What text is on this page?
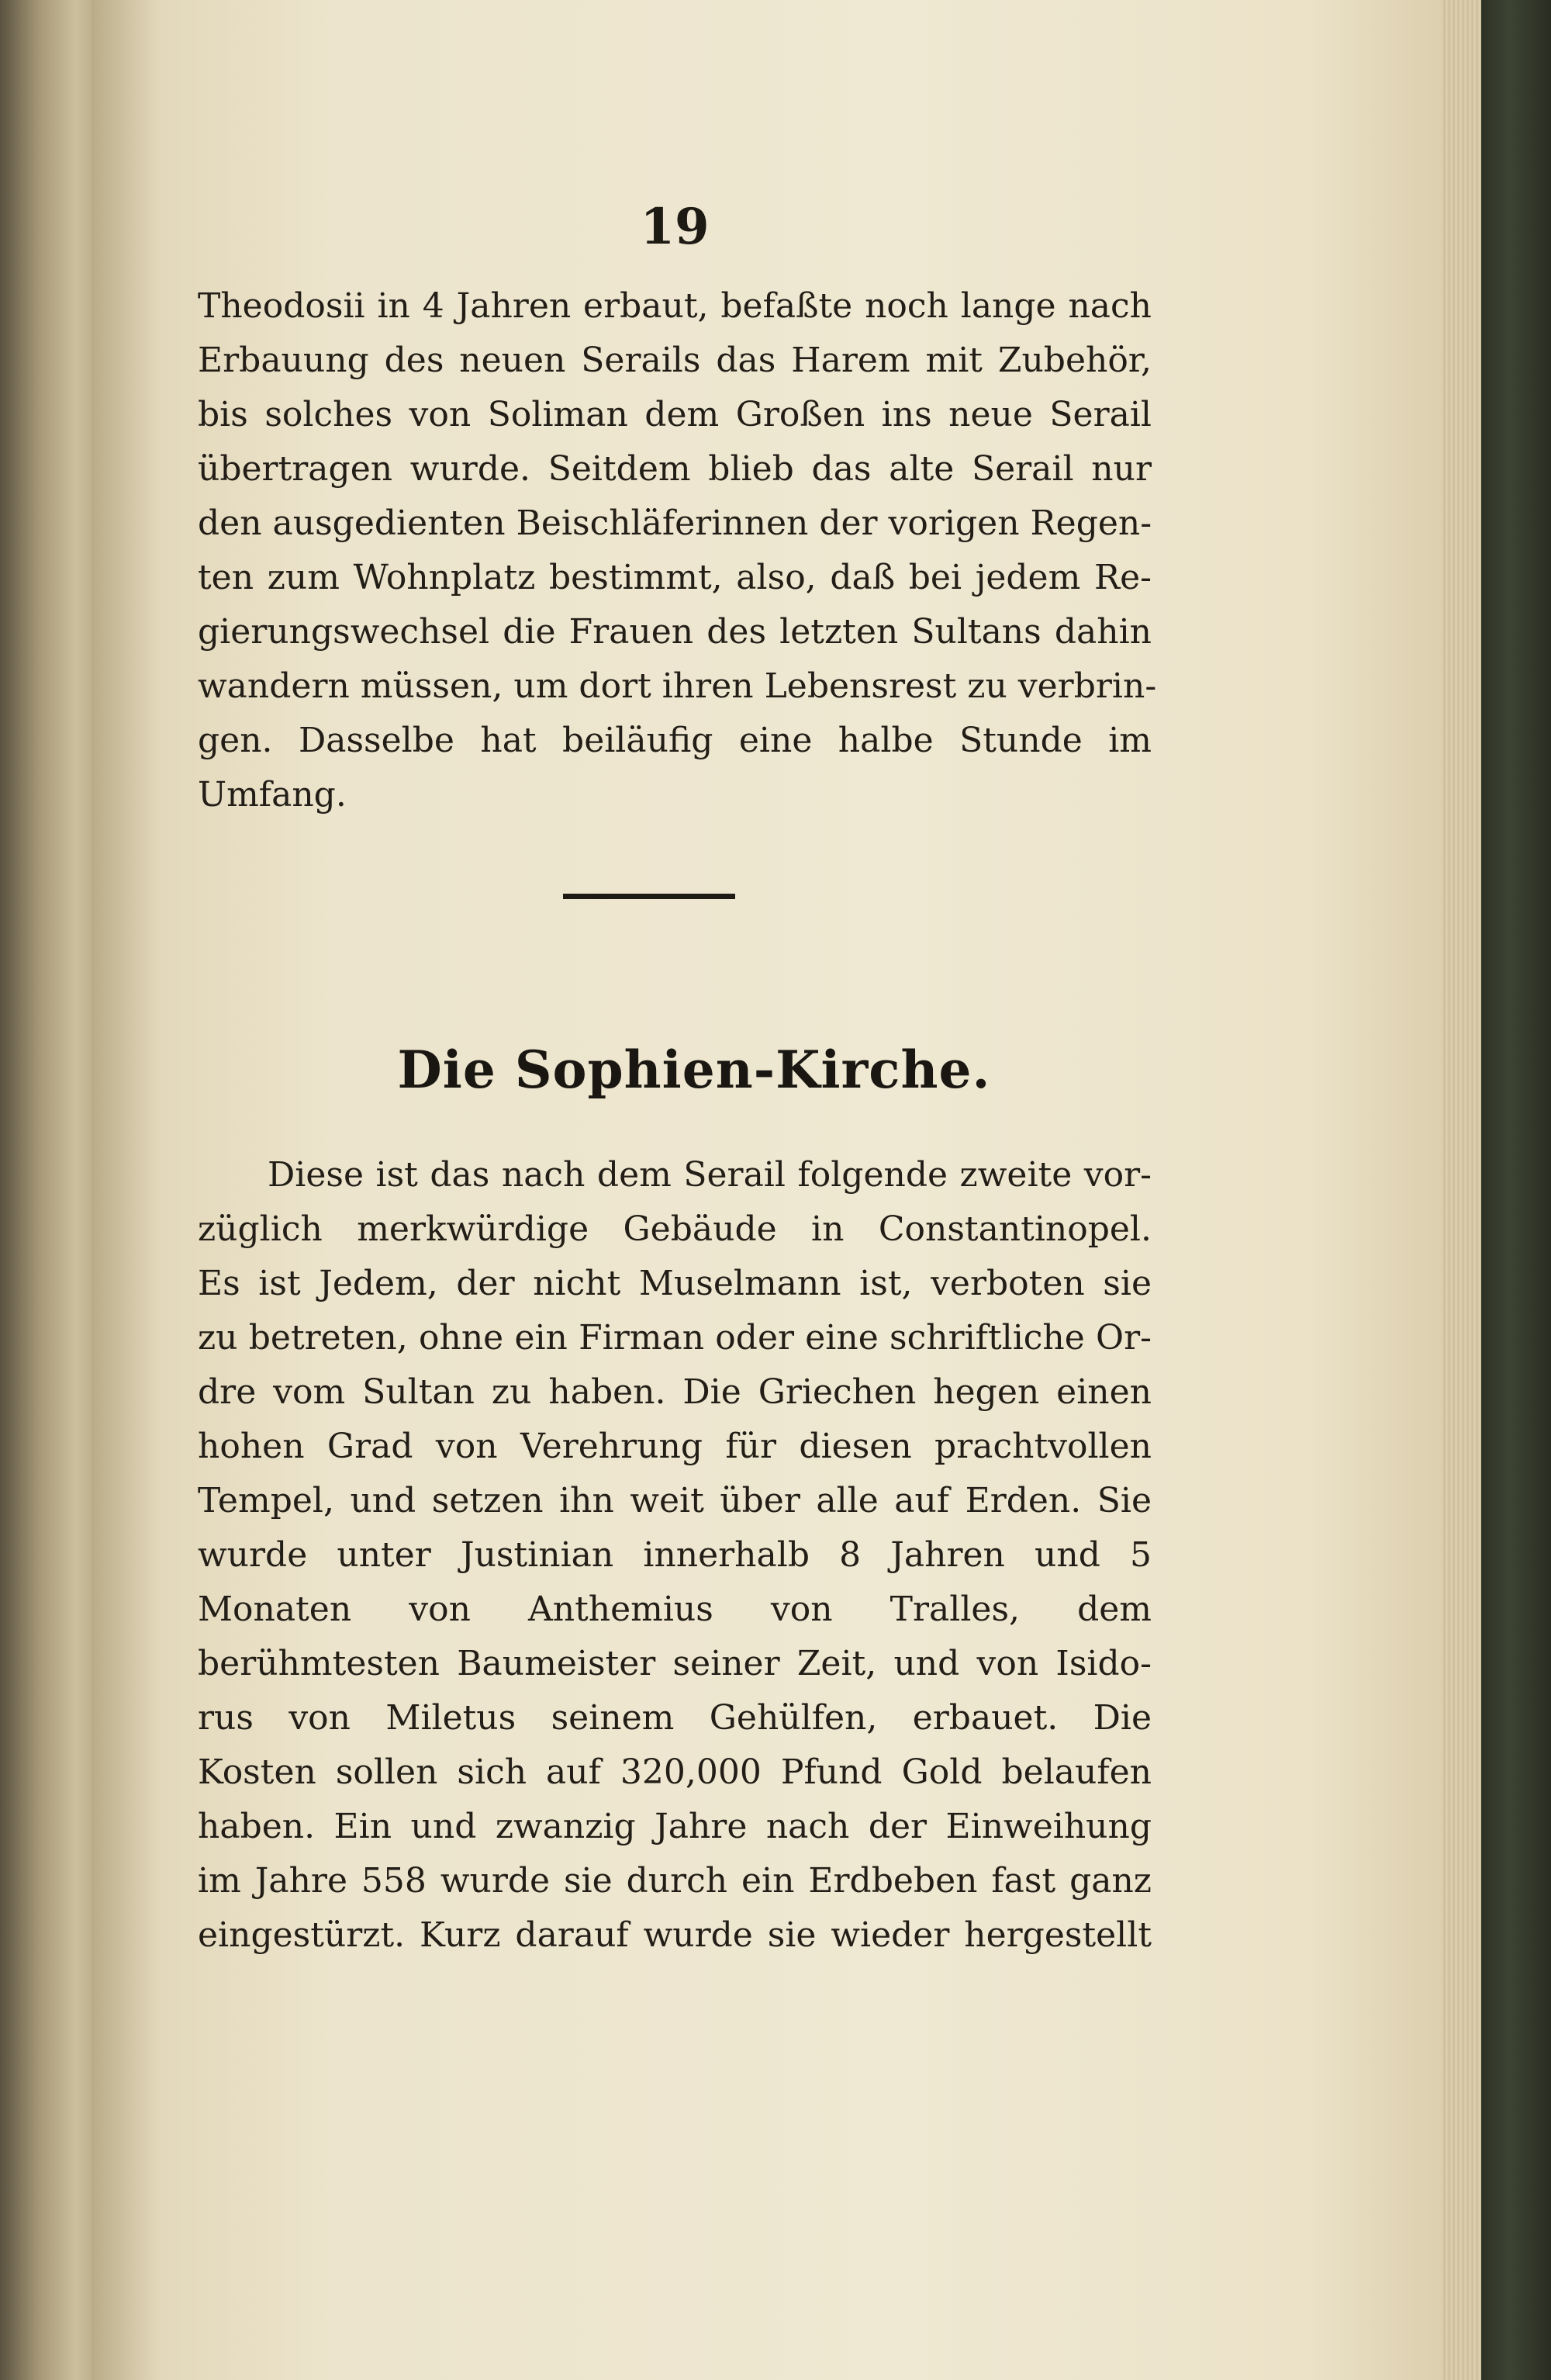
19
Theodosii in 4 Jahren erbaut, befaßte noch lange nach
Erbauung des neuen Serails das Harem mit Zubehör,
bis solches von Soliman dem Großen ins neue Serail
übertragen wurde. Seitdem blieb das alte Serail nur
den ausgedienten Beischläferinnen der vorigen Regen-
ten zum Wohnplatz bestimmt, also, daß bei jedem Re-
gierungswechsel die Frauen des letzten Sultans dahin
wandern müssen, um dort ihren Lebensrest zu verbrin-
gen. Dasselbe hat beiläufig eine halbe Stunde im
Umfang.
Die Sophien-Kirche.
Diese ist das nach dem Serail folgende zweite vor-
züglich merkwürdige Gebäude in Constantinopel.
Es ist Jedem, der nicht Muselmann ist, verboten sie
zu betreten, ohne ein Firman oder eine schriftliche Or-
dre vom Sultan zu haben. Die Griechen hegen einen
hohen Grad von Verehrung für diesen prachtvollen
Tempel, und setzen ihn weit über alle auf Erden. Sie
wurde unter Justinian innerhalb 8 Jahren und 5
Monaten von Anthemius von Tralles, dem
berühmtesten Baumeister seiner Zeit, und von Isido-
rus von Miletus seinem Gehülfen, erbauet. Die
Kosten sollen sich auf 320,000 Pfund Gold belaufen
haben. Ein und zwanzig Jahre nach der Einweihung
im Jahre 558 wurde sie durch ein Erdbeben fast ganz
eingestürzt. Kurz darauf wurde sie wieder hergestellt
